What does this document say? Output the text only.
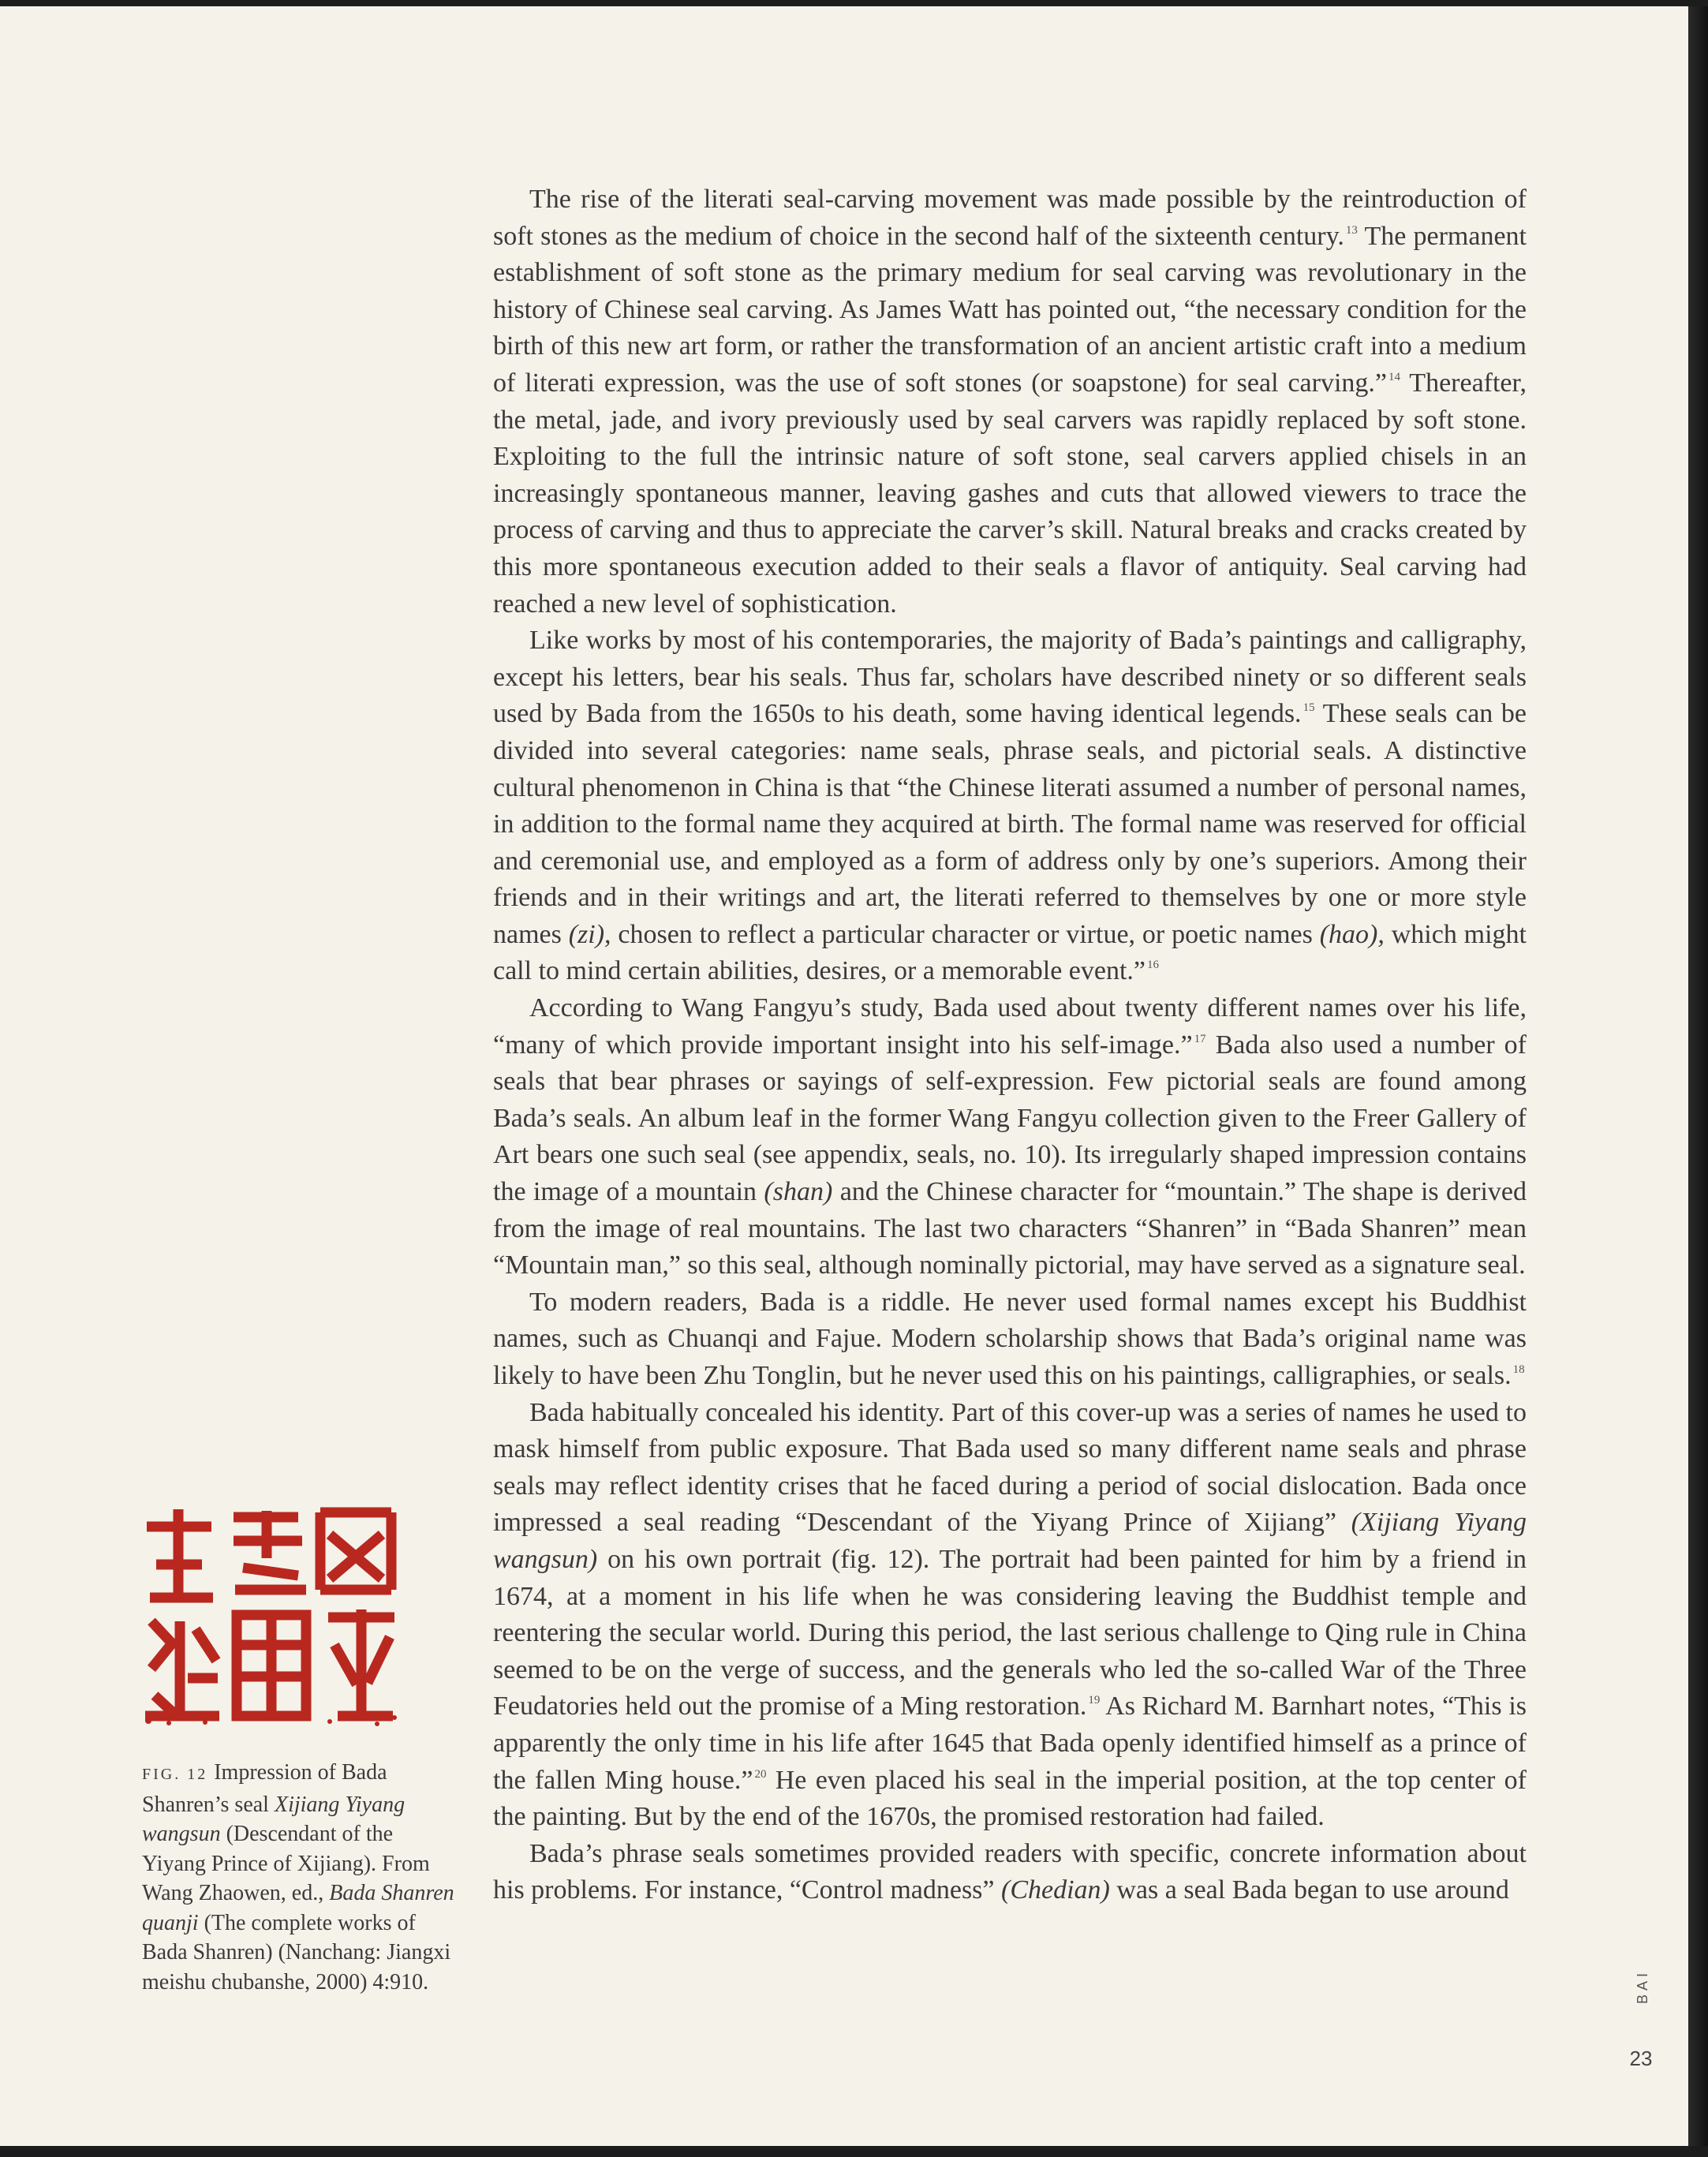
The rise of the literati seal-carving movement was made possible by the reintroduction of soft stones as the medium of choice in the second half of the sixteenth century. $^{13}$ The permanent establishment of soft stone as the primary medium for seal carving was revolutionary in the history of Chinese seal carving. As James Watt has pointed out, “the necessary condition for the birth of this new art form, or rather the transformation of an ancient artistic craft into a medium of literati expression, was the use of soft stones (or soapstone) for seal carving.” $^{14}$ Thereafter, the metal, jade, and ivory previously used by seal carvers was rapidly replaced by soft stone. Exploiting to the full the intrinsic nature of soft stone, seal carvers applied chisels in an increasingly spontaneous manner, leaving gashes and cuts that allowed viewers to trace the process of carving and thus to appreciate the carver’s skill. Natural breaks and cracks created by this more spontaneous execution added to their seals a flavor of antiquity. Seal carving had reached a new level of sophistication.

Like works by most of his contemporaries, the majority of Bada’s paintings and calligraphy, except his letters, bear his seals. Thus far, scholars have described ninety or so different seals used by Bada from the 1650s to his death, some having identical legends. $^{15}$ These seals can be divided into several categories: name seals, phrase seals, and pictorial seals. A distinctive cultural phenomenon in China is that “the Chinese literati assumed a number of personal names, in addition to the formal name they acquired at birth. The formal name was reserved for official and ceremonial use, and employed as a form of address only by one’s superiors. Among their friends and in their writings and art, the literati referred to themselves by one or more style names (zi), chosen to reflect a particular character or virtue, or poetic names (hao), which might call to mind certain abilities, desires, or a memorable event.” $^{16}$

According to Wang Fangyu’s study, Bada used about twenty different names over his life, “many of which provide important insight into his self-image.” $^{17}$ Bada also used a number of seals that bear phrases or sayings of self-expression. Few pictorial seals are found among Bada’s seals. An album leaf in the former Wang Fangyu collection given to the Freer Gallery of Art bears one such seal (see appendix, seals, no. 10). Its irregularly shaped impression contains the image of a mountain (shan) and the Chinese character for “mountain.” The shape is derived from the image of real mountains. The last two characters “Shanren” in “Bada Shanren” mean “Mountain man,” so this seal, although nominally pictorial, may have served as a signature seal.

To modern readers, Bada is a riddle. He never used formal names except his Buddhist names, such as Chuanqi and Fajue. Modern scholarship shows that Bada’s original name was likely to have been Zhu Tonglin, but he never used this on his paintings, calligraphies, or seals. $^{18}$

Bada habitually concealed his identity. Part of this cover-up was a series of names he used to mask himself from public exposure. That Bada used so many different name seals and phrase seals may reflect identity crises that he faced during a period of social dislocation. Bada once impressed a seal reading “Descendant of the Yiyang Prince of Xijiang” (Xijiang Yiyang wangsun) on his own portrait (fig. 12). The portrait had been painted for him by a friend in 1674, at a moment in his life when he was considering leaving the Buddhist temple and reentering the secular world. During this period, the last serious challenge to Qing rule in China seemed to be on the verge of success, and the generals who led the so-called War of the Three Feudatories held out the promise of a Ming restoration. $^{19}$ As Richard M. Barnhart notes, “This is apparently the only time in his life after 1645 that Bada openly identified himself as a prince of the fallen Ming house.” $^{20}$ He even placed his seal in the imperial position, at the top center of the painting. But by the end of the 1670s, the promised restoration had failed.

Bada’s phrase seals sometimes provided readers with specific, concrete information about his problems. For instance, “Control madness” (Chedian) was a seal Bada began to use around

FIG. 12 Impression of Bada Shanren’s seal Xijiang Yiyang wangsun (Descendant of the Yiyang Prince of Xijiang). From Wang Zhaowen, ed., Bada Shanren quanji (The complete works of Bada Shanren) (Nanchang: Jiangxi meishu chubanshe, 2000) 4:910.	BAI
23
